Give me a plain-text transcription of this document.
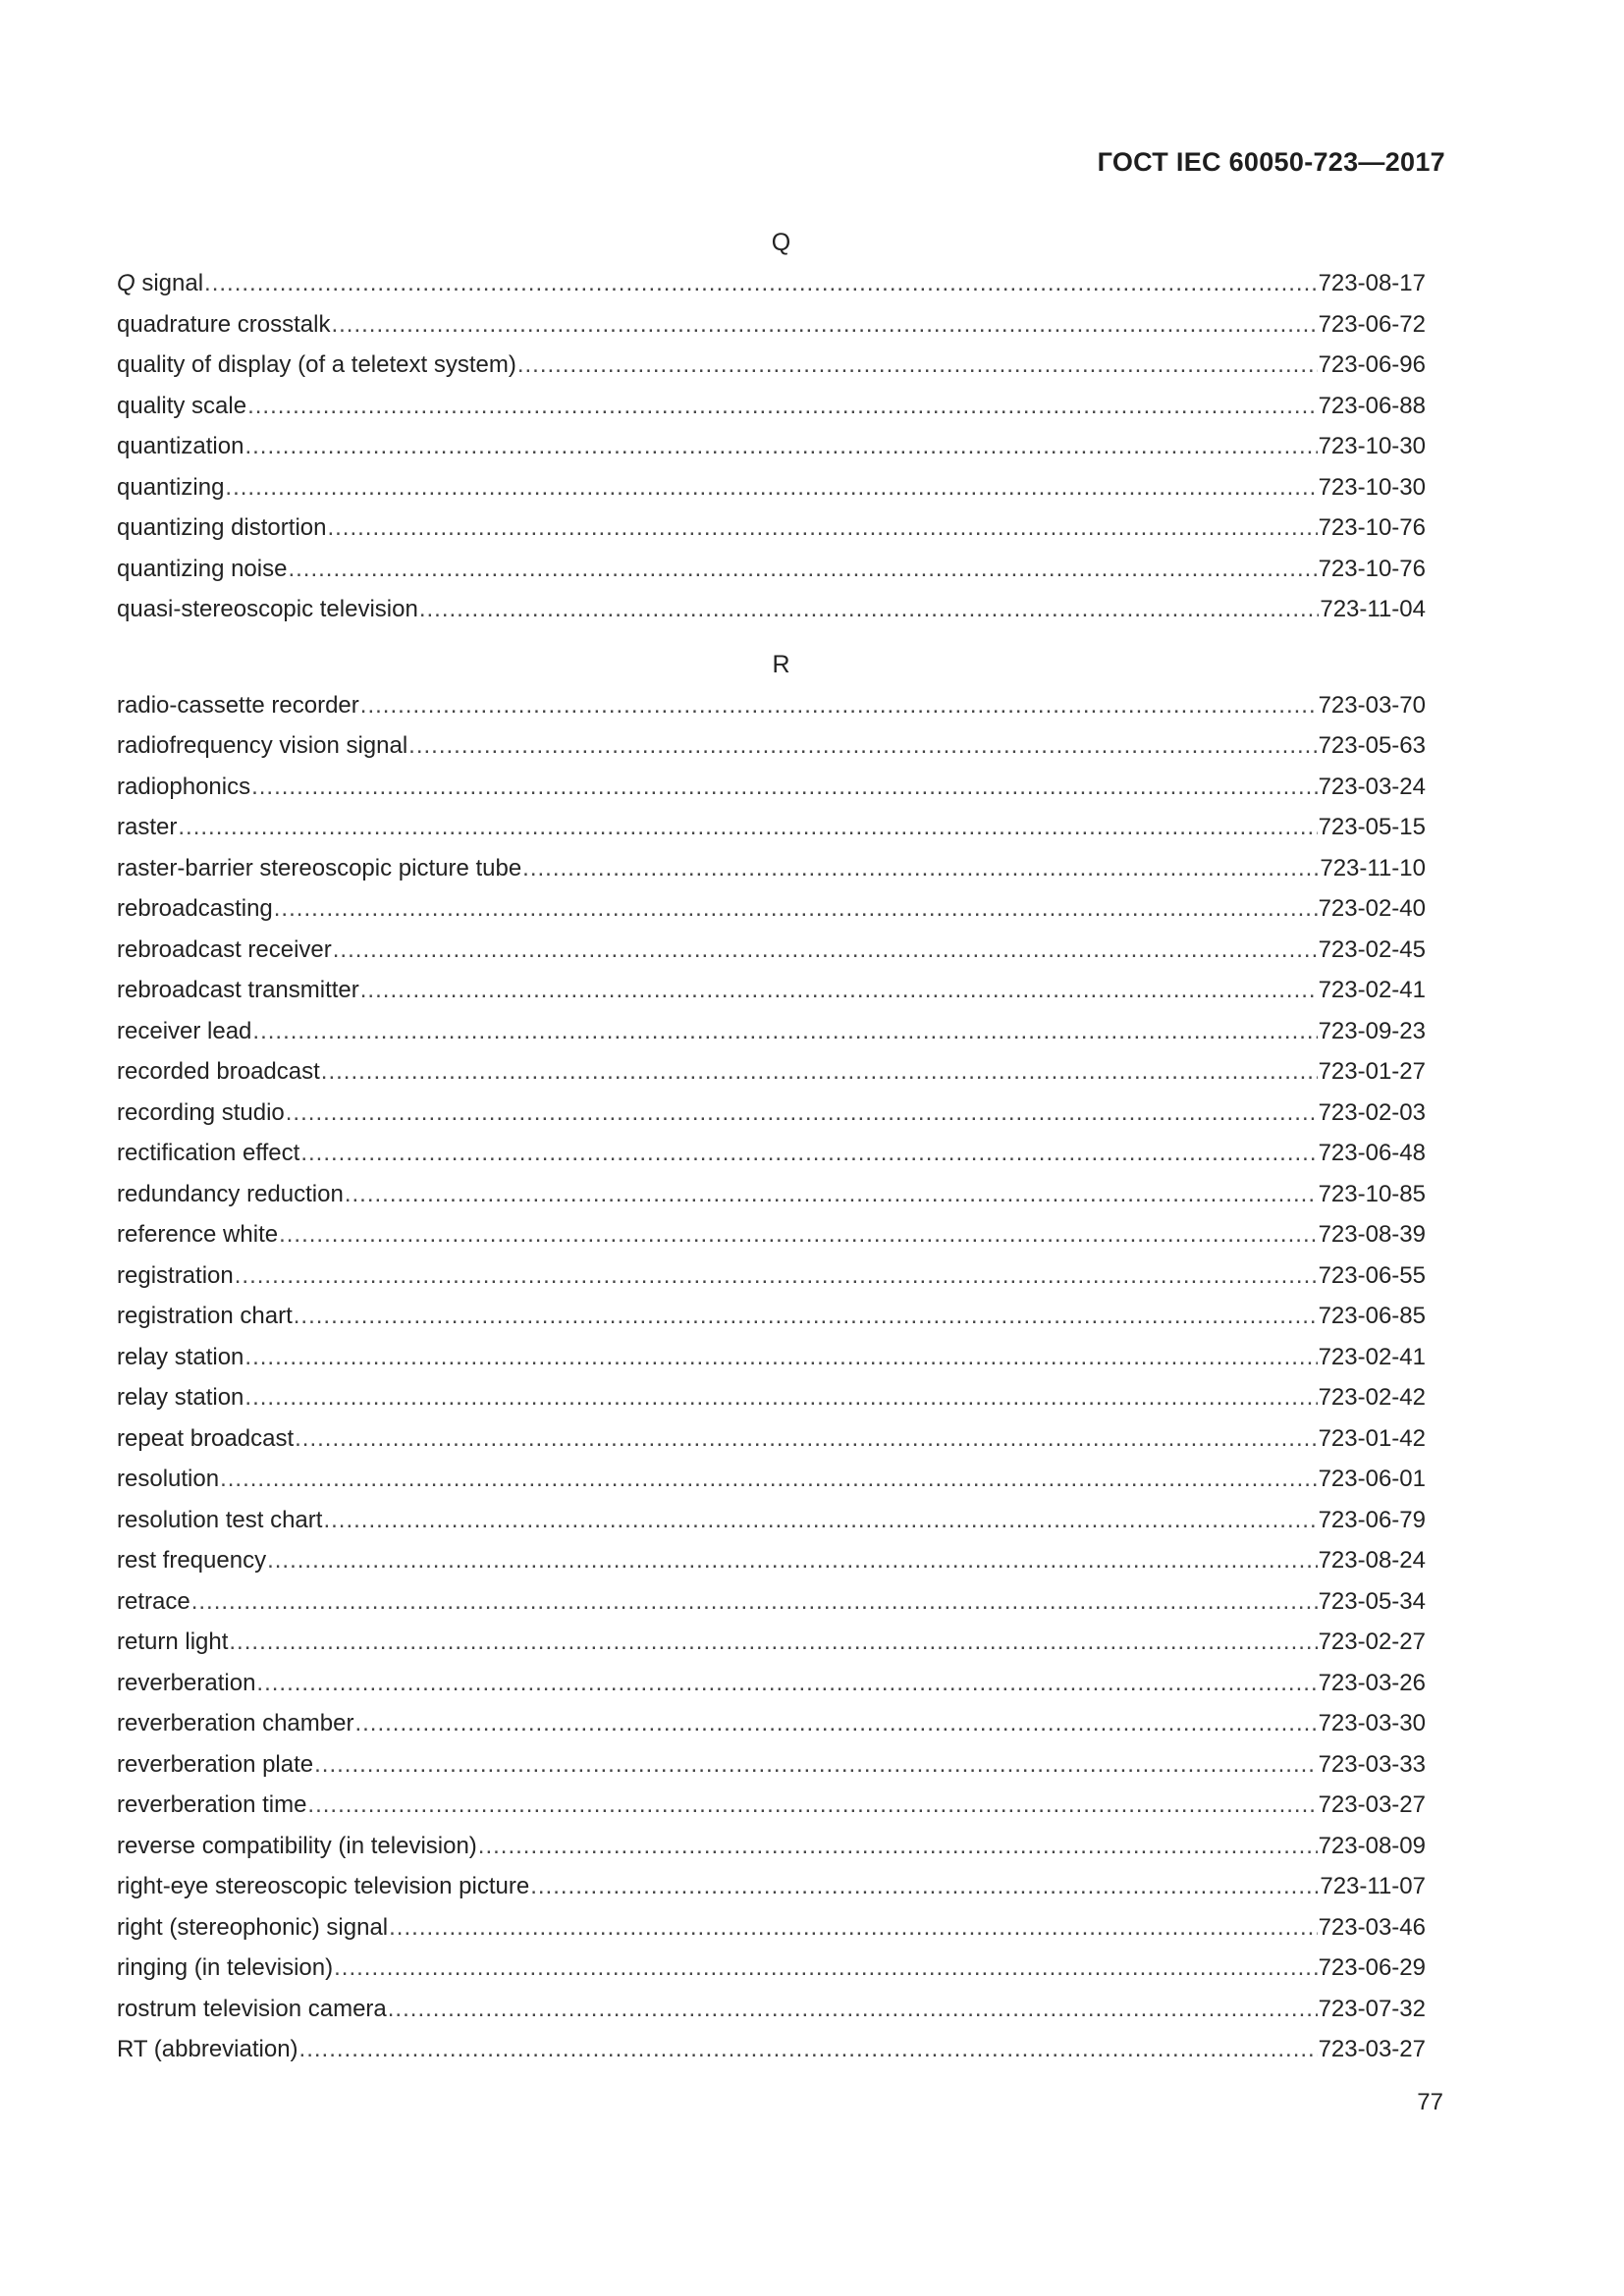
ГОСТ IEC 60050-723—2017
Q
Q signal .....	723-08-17
quadrature crosstalk .....	723-06-72
quality of display (of a teletext system) .....	723-06-96
quality scale .....	723-06-88
quantization .....	723-10-30
quantizing .....	723-10-30
quantizing distortion .....	723-10-76
quantizing noise .....	723-10-76
quasi-stereoscopic television .....	723-11-04
R
radio-cassette recorder .....	723-03-70
radiofrequency vision signal .....	723-05-63
radiophonics .....	723-03-24
raster .....	723-05-15
raster-barrier stereoscopic picture tube .....	723-11-10
rebroadcasting .....	723-02-40
rebroadcast receiver .....	723-02-45
rebroadcast transmitter .....	723-02-41
receiver lead .....	723-09-23
recorded broadcast .....	723-01-27
recording studio .....	723-02-03
rectification effect .....	723-06-48
redundancy reduction .....	723-10-85
reference white .....	723-08-39
registration .....	723-06-55
registration chart .....	723-06-85
relay station .....	723-02-41
relay station .....	723-02-42
repeat broadcast .....	723-01-42
resolution .....	723-06-01
resolution test chart .....	723-06-79
rest frequency .....	723-08-24
retrace .....	723-05-34
return light .....	723-02-27
reverberation .....	723-03-26
reverberation chamber .....	723-03-30
reverberation plate .....	723-03-33
reverberation time .....	723-03-27
reverse compatibility (in television) .....	723-08-09
right-eye stereoscopic television picture .....	723-11-07
right (stereophonic) signal .....	723-03-46
ringing (in television) .....	723-06-29
rostrum television camera .....	723-07-32
RT (abbreviation) .....	723-03-27
77
